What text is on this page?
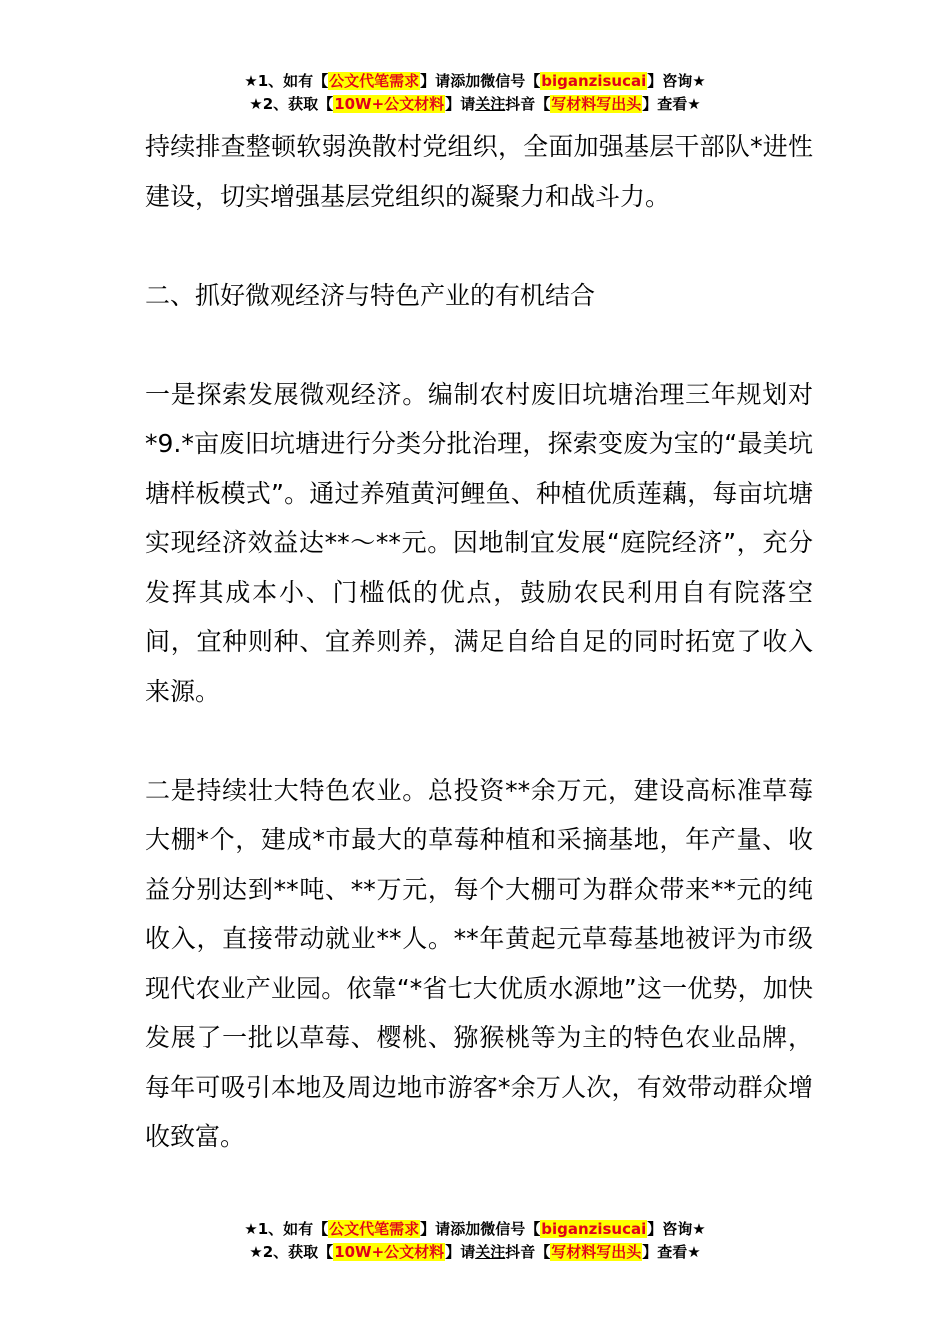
★1、如有【公文代笔需求】请添加微信号【biganzisucai】咨询★
★2、获取【10W+公文材料】请关注抖音【写材料写出头】查看★

持续排查整顿软弱涣散村党组织，全面加强基层干部队*进性建设，切实增强基层党组织的凝聚力和战斗力。

二、抓好微观经济与特色产业的有机结合

一是探索发展微观经济。编制农村废旧坑塘治理三年规划对*9.*亩废旧坑塘进行分类分批治理，探索变废为宝的“最美坑塘样板模式”。通过养殖黄河鲤鱼、种植优质莲藕，每亩坑塘实现经济效益达**～**元。因地制宜发展“庭院经济”，充分发挥其成本小、门槛低的优点，鼓励农民利用自有院落空间，宜种则种、宜养则养，满足自给自足的同时拓宽了收入来源。

二是持续壮大特色农业。总投资**余万元，建设高标准草莓大棚*个，建成*市最大的草莓种植和采摘基地，年产量、收益分别达到**吨、**万元，每个大棚可为群众带来**元的纯收入，直接带动就业**人。**年黄起元草莓基地被评为市级现代农业产业园。依靠“*省七大优质水源地”这一优势，加快发展了一批以草莓、樱桃、猕猴桃等为主的特色农业品牌，每年可吸引本地及周边地市游客*余万人次，有效带动群众增收致富。

★1、如有【公文代笔需求】请添加微信号【biganzisucai】咨询★
★2、获取【10W+公文材料】请关注抖音【写材料写出头】查看★
